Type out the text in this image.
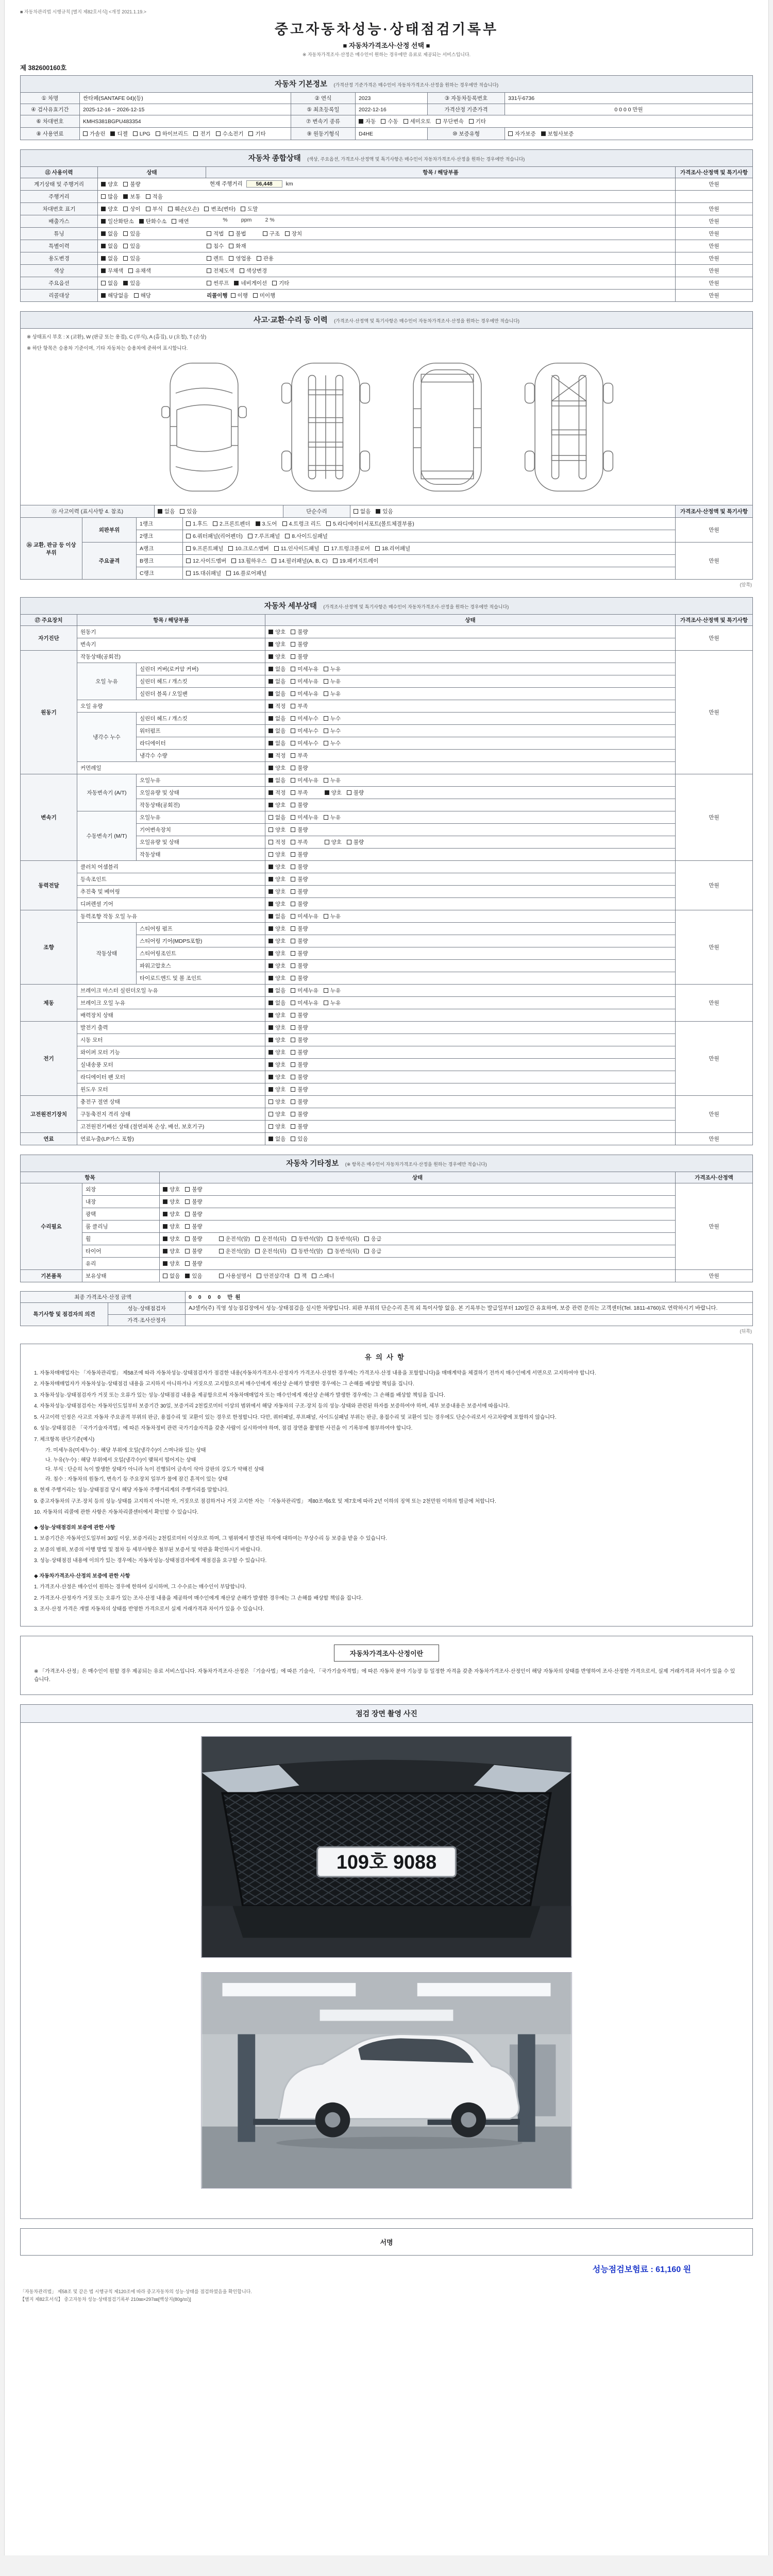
■ 자동차관리법 시행규칙 [별지 제82호서식] <개정 2021.1.19.>
중고자동차성능·상태점검기록부
■ 자동차가격조사·산정 선택 ■
※ 자동차가격조사·산정은 매수인이 원하는 경우에만 유료로 제공되는 서비스입니다.
제 382600160호
자동차 기본정보 (가격산정 기준가격은 매수인이 자동차가격조사·산정을 원하는 경우에만 적습니다)
① 차명	싼타페(SANTAFE 04)(등)	② 연식	2023	③ 자동차등록번호	331두6736
④ 검사유효기간	2025-12-16 ~ 2026-12-15	⑤ 최초등록일	2022-12-16	가격산정 기준가격	0 0 0 0 만원
⑥ 차대번호	KMHS381BGPU483354	⑦ 변속기 종류	자동 수동 세미오토 무단변속 기타		
⑧ 사용연료	가솔린 디젤 LPG 하이브리드 전기 수소전기 기타	⑨ 원동기형식	D4HE	⑩ 보증유형	자가보증 보험사보증
자동차 종합상태 (색상, 주요옵션, 가격조사·산정액 및 특기사항은 매수인이 자동차가격조사·산정을 원하는 경우에만 적습니다)
⑪ 사용이력	상태	항목 / 해당부품	가격조사·산정액 및 특기사항
계기상태 및 주행거리	양호 불량 현재 주행거리 56,448 km		만원
주행거리	많음 보통 적음		
차대번호 표기	양호 상이 부식 훼손(오손) 변조(변타) 도말		만원
배출가스	일산화탄소 탄화수소 매연 %         ppm         2 %		만원
튜닝	없음 있음 적법 불법 구조 장치		만원
특별이력	없음 있음 침수 화재		만원
용도변경	없음 있음 렌트 영업용 관용		만원
색상	무채색 유채색 전체도색 색상변경		만원
주요옵션	없음 있음 썬루프 네비게이션 기타		만원
리콜대상	해당없음 해당 리콜이행 이행 미이행		만원
사고·교환·수리 등 이력 (가격조사·산정액 및 특기사항은 매수인이 자동차가격조사·산정을 원하는 경우에만 적습니다)
※ 상태표시 부호 : X (교환), W (판금 또는 용접), C (부식), A (흠집), U (요철), T (손상)
※ 하단 항목은 승용차 기준이며, 기타 자동차는 승용차에 준하여 표시합니다.
⑮ 사고이력 (표시사항 4. 참조)	없음 있음	단순수리	없음 있음	가격조사·산정액 및 특기사항
⑯ 교환, 판금 등 이상 부위	외판부위	1랭크	1.후드 2.프론트펜더 3.도어 4.트렁크 리드 5.라디에이터서포트(볼트체결부품)	만원
		2랭크	6.쿼터패널(리어펜더) 7.루프패널 8.사이드실패널	
	주요골격	A랭크	9.프론트패널 10.크로스멤버 11.인사이드패널 17.트렁크플로어 18.리어패널	만원
		B랭크	12.사이드멤버 13.휠하우스 14.필러패널(A, B, C) 19.패키지트레이	
		C랭크	15.대쉬패널 16.플로어패널	
(앞쪽)
자동차 세부상태 (가격조사·산정액 및 특기사항은 매수인이 자동차가격조사·산정을 원하는 경우에만 적습니다)
⑰ 주요장치	항목 / 해당부품		상태	가격조사·산정액 및 특기사항
자기진단	원동기		양호 불량	만원
	변속기		양호 불량	
원동기	작동상태(공회전)		양호 불량	만원
	오일 누유	실린더 커버(로커암 커버)	없음 미세누유 누유	
		실린더 헤드 / 개스킷	없음 미세누유 누유	
		실린더 블록 / 오일팬	없음 미세누유 누유	
	오일 유량		적정 부족	
	냉각수 누수	실린더 헤드 / 개스킷	없음 미세누수 누수	
		워터펌프	없음 미세누수 누수	
		라디에이터	없음 미세누수 누수	
		냉각수 수량	적정 부족	
	커먼레일		양호 불량	
변속기	자동변속기 (A/T)	오일누유	없음 미세누유 누유	만원
		오일유량 및 상태	적정 부족 양호 불량	
		작동상태(공회전)	양호 불량	
	수동변속기 (M/T)	오일누유	없음 미세누유 누유	
		기어변속장치	양호 불량	
		오일유량 및 상태	적정 부족 양호 불량	
		작동상태	양호 불량	
동력전달	클러치 어셈블리		양호 불량	만원
	등속조인트		양호 불량	
	추진축 및 베어링		양호 불량	
	디퍼렌셜 기어		양호 불량	
조향	동력조향 작동 오일 누유		없음 미세누유 누유	만원
	작동상태	스티어링 펌프	양호 불량	
		스티어링 기어(MDPS포함)	양호 불량	
		스티어링조인트	양호 불량	
		파워고압호스	양호 불량	
		타이로드엔드 및 볼 조인트	양호 불량	
제동	브레이크 마스터 실린더오일 누유		없음 미세누유 누유	만원
	브레이크 오일 누유		없음 미세누유 누유	
	배력장치 상태		양호 불량	
전기	발전기 출력		양호 불량	만원
	시동 모터		양호 불량	
	와이퍼 모터 기능		양호 불량	
	실내송풍 모터		양호 불량	
	라디에이터 팬 모터		양호 불량	
	윈도우 모터		양호 불량	
고전원전기장치	충전구 절연 상태		양호 불량	만원
	구동축전지 격리 상태		양호 불량	
	고전원전기배선 상태 (절연피복 손상, 배선, 보호기구)		양호 불량	
연료	연료누출(LP가스 포함)		없음 있음	만원
자동차 기타정보 (※ 항목은 매수인이 자동차가격조사·산정을 원하는 경우에만 적습니다)
항목		상태	가격조사·산정액
수리필요	외장	양호 불량	만원
	내장	양호 불량	
	광택	양호 불량	
	룸 클리닝	양호 불량	
	휠	양호 불량 운전석(앞) 운전석(뒤) 동반석(앞) 동반석(뒤) 응급	
	타이어	양호 불량 운전석(앞) 운전석(뒤) 동반석(앞) 동반석(뒤) 응급	
	유리	양호 불량	
기본품목	보유상태	없음 있음 사용설명서 안전삼각대 잭 스패너	만원
최종 가격조사·산정 금액		0 0 0 0 만원
특기사항 및 점검자의 의견	성능·상태점검자	AJ셀카(주) 직영 성능점검장에서 성능·상태점검을 실시한 차량입니다. 외판 부위의 단순수리 흔적 외 특이사항 없음. 본 기록부는 발급일부터 120일간 유효하며, 보증 관련 문의는 고객센터(Tel. 1811-4760)로 연락하시기 바랍니다.
	가격·조사산정자	
(뒤쪽)
유의사항
1. 자동차매매업자는 「자동차관리법」 제58조에 따라 자동차성능·상태점검자가 점검한 내용(자동차가격조사·산정자가 가격조사·산정한 경우에는 가격조사·산정 내용을 포함합니다)을 매매계약을 체결하기 전까지 매수인에게 서면으로 고지하여야 합니다.
2. 자동차매매업자가 자동차성능·상태점검 내용을 고지하지 아니하거나 거짓으로 고지함으로써 매수인에게 재산상 손해가 발생한 경우에는 그 손해를 배상할 책임을 집니다.
3. 자동차성능·상태점검자가 거짓 또는 오류가 있는 성능·상태점검 내용을 제공함으로써 자동차매매업자 또는 매수인에게 재산상 손해가 발생한 경우에는 그 손해를 배상할 책임을 집니다.
4. 자동차성능·상태점검자는 자동차인도일부터 보증기간 30일, 보증거리 2천킬로미터 이상의 범위에서 해당 자동차의 구조·장치 등의 성능·상태와 관련된 하자를 보증하여야 하며, 세부 보증내용은 보증서에 따릅니다.
5. 사고이력 인정은 사고로 자동차 주요골격 부위의 판금, 용접수리 및 교환이 있는 경우로 한정합니다. 다만, 쿼터패널, 루프패널, 사이드실패널 부위는 판금, 용접수리 및 교환이 있는 경우에도 단순수리로서 사고차량에 포함하지 않습니다.
6. 성능·상태점검은 「국가기술자격법」에 따른 자동차정비 관련 국가기술자격을 갖춘 사람이 실시하여야 하며, 점검 장면을 촬영한 사진을 이 기록부에 첨부하여야 합니다.
7. 체크항목 판단기준(예시)
가. 미세누유(미세누수) : 해당 부위에 오일(냉각수)이 스며나와 있는 상태
나. 누유(누수) : 해당 부위에서 오일(냉각수)이 맺혀서 떨어지는 상태
다. 부식 : 단순히 녹이 발생한 상태가 아니라 녹이 진행되어 금속이 삭아 강판의 강도가 약해진 상태
라. 침수 : 자동차의 원동기, 변속기 등 주요장치 일부가 물에 잠긴 흔적이 있는 상태
8. 현재 주행거리는 성능·상태점검 당시 해당 자동차 주행거리계의 주행거리를 말합니다.
9. 중고자동차의 구조·장치 등의 성능·상태를 고지하지 아니한 자, 거짓으로 점검하거나 거짓 고지한 자는 「자동차관리법」 제80조제6호 및 제7호에 따라 2년 이하의 징역 또는 2천만원 이하의 벌금에 처합니다.
10. 자동차의 리콜에 관한 사항은 자동차리콜센터에서 확인할 수 있습니다.
◆ 성능·상태점검의 보증에 관한 사항
1. 보증기간은 자동차인도일부터 30일 이상, 보증거리는 2천킬로미터 이상으로 하며, 그 범위에서 발견된 하자에 대하여는 무상수리 등 보증을 받을 수 있습니다.
2. 보증의 범위, 보증의 이행 방법 및 절차 등 세부사항은 첨부된 보증서 및 약관을 확인하시기 바랍니다.
3. 성능·상태점검 내용에 이의가 있는 경우에는 자동차성능·상태점검자에게 재점검을 요구할 수 있습니다.
◆ 자동차가격조사·산정의 보증에 관한 사항
1. 가격조사·산정은 매수인이 원하는 경우에 한하여 실시하며, 그 수수료는 매수인이 부담합니다.
2. 가격조사·산정자가 거짓 또는 오류가 있는 조사·산정 내용을 제공하여 매수인에게 재산상 손해가 발생한 경우에는 그 손해를 배상할 책임을 집니다.
3. 조사·산정 가격은 개별 자동차의 상태를 반영한 가격으로서 실제 거래가격과 차이가 있을 수 있습니다.
자동차가격조사·산정이란
※ 「가격조사·산정」은 매수인이 원할 경우 제공되는 유료 서비스입니다. 자동차가격조사·산정은 「기술사법」에 따른 기술사, 「국가기술자격법」에 따른 자동차 분야 기능장 등 일정한 자격을 갖춘 자동차가격조사·산정인이 해당 자동차의 상태를 반영하여 조사·산정한 가격으로서, 실제 거래가격과 차이가 있을 수 있습니다.
점검 장면 촬영 사진
109호 9088
서명
성능점검보험료 : 61,160 원
「자동차관리법」 제58조 및 같은 법 시행규칙 제120조에 따라 중고자동차의 성능·상태를 점검하였음을 확인합니다.
【별지 제82호서식】 중고자동차 성능·상태점검기록부 210㎜×297㎜[백상지(80g/㎡)]
